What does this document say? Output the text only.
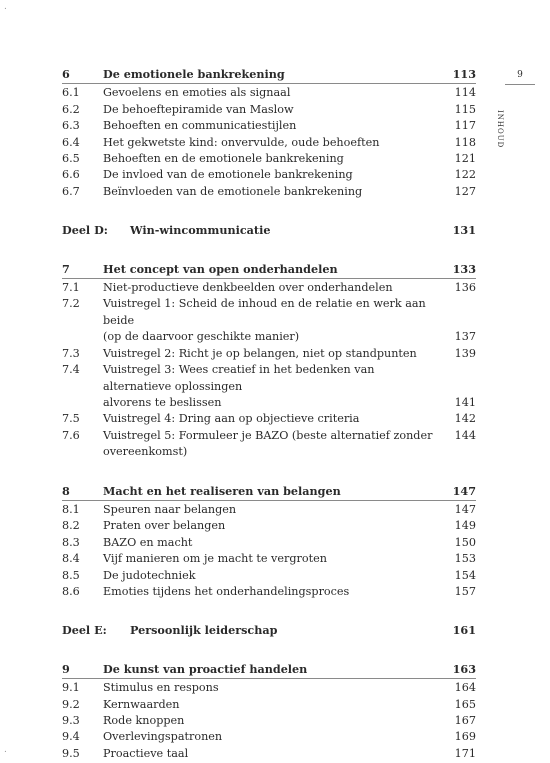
9
INHOUD
.
.
6	De emotionele bankrekening	113
6.1	Gevoelens en emoties als signaal	114
6.2	De behoeftepiramide van Maslow	115
6.3	Behoeften en communicatiestijlen	117
6.4	Het gekwetste kind: onvervulde, oude behoeften	118
6.5	Behoeften en de emotionele bankrekening	121
6.6	De invloed van de emotionele bankrekening	122
6.7	Beïnvloeden van de emotionele bankrekening	127
Deel D:	Win-wincommunicatie	131
7	Het concept van open onderhandelen	133
7.1	Niet-productieve denkbeelden over onderhandelen	136
7.2	Vuistregel 1: Scheid de inhoud en de relatie en werk aan beide
(op de daarvoor geschikte manier)	137
7.3	Vuistregel 2: Richt je op belangen, niet op standpunten	139
7.4	Vuistregel 3: Wees creatief in het bedenken van alternatieve oplossingen
alvorens te beslissen	141
7.5	Vuistregel 4: Dring aan op objectieve criteria	142
7.6	Vuistregel 5: Formuleer je BAZO (beste alternatief zonder overeenkomst)
144
8	Macht en het realiseren van belangen	147
8.1	Speuren naar belangen	147
8.2	Praten over belangen	149
8.3	BAZO en macht	150
8.4	Vijf manieren om je macht te vergroten	153
8.5	De judotechniek	154
8.6	Emoties tijdens het onderhandelingsproces	157
Deel E:	Persoonlijk leiderschap	161
9	De kunst van proactief handelen	163
9.1	Stimulus en respons	164
9.2	Kernwaarden	165
9.3	Rode knoppen	167
9.4	Overlevingspatronen	169
9.5	Proactieve taal	171
